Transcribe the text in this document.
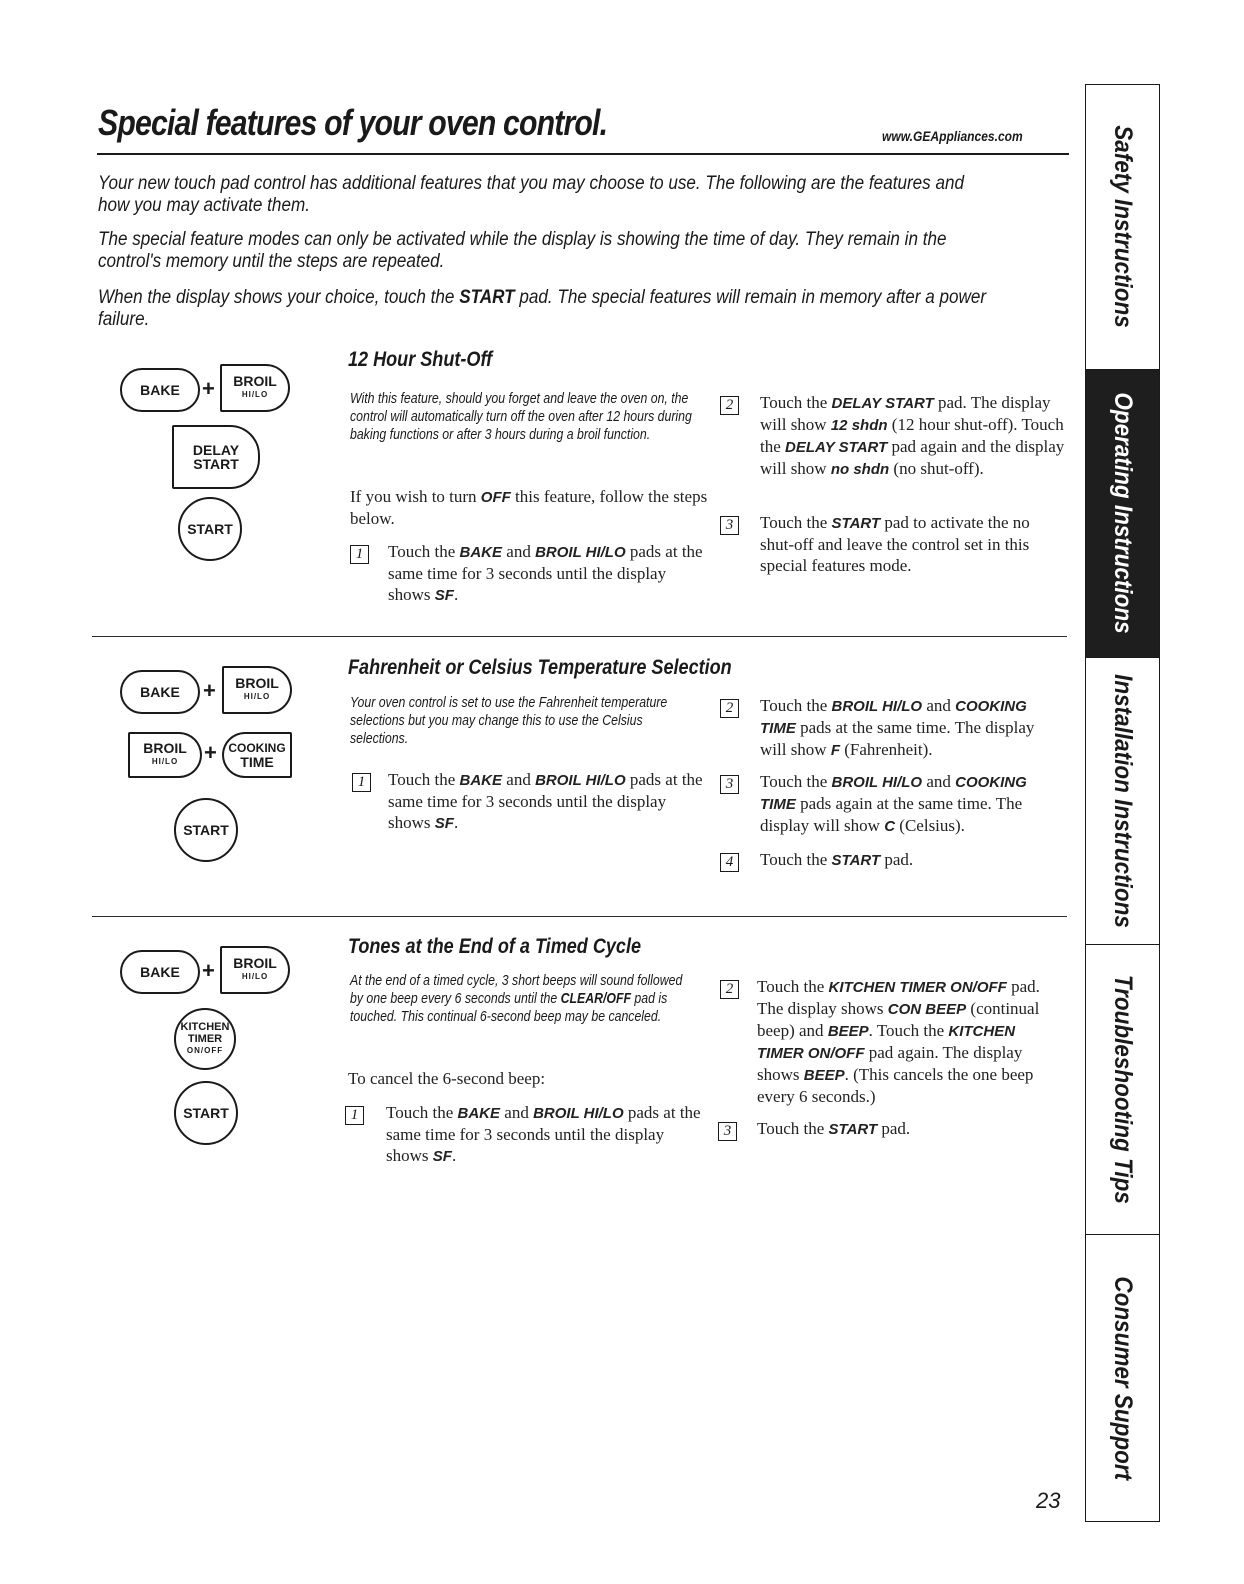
Special features of your oven control.	www.GEAppliances.com

Your new touch pad control has additional features that you may choose to use. The following are the features and how you may activate them.

The special feature modes can only be activated while the display is showing the time of day. They remain in the control's memory until the steps are repeated.

When the display shows your choice, touch the START pad. The special features will remain in memory after a power failure.

BAKE + BROIL
HI/LO
DELAY
START
START
12 Hour Shut-Off

With this feature, should you forget and leave the oven on, the control will automatically turn off the oven after 12 hours during baking functions or after 3 hours during a broil function.

If you wish to turn OFF this feature, follow the steps below.

1	Touch the BAKE and BROIL HI/LO pads at the same time for 3 seconds until the display shows SF.

2	Touch the DELAY START pad. The display will show 12 shdn (12 hour shut-off). Touch the DELAY START pad again and the display will show no shdn (no shut-off).

3	Touch the START pad to activate the no shut-off and leave the control set in this special features mode.

BAKE + BROIL
HI/LO
BROIL
HI/LO + COOKING
TIME
START
Fahrenheit or Celsius Temperature Selection

Your oven control is set to use the Fahrenheit temperature selections but you may change this to use the Celsius selections.

1	Touch the BAKE and BROIL HI/LO pads at the same time for 3 seconds until the display shows SF.

2	Touch the BROIL HI/LO and COOKING TIME pads at the same time. The display will show F (Fahrenheit).

3	Touch the BROIL HI/LO and COOKING TIME pads again at the same time. The display will show C (Celsius).

4	Touch the START pad.

BAKE + BROIL
HI/LO
KITCHEN
TIMER
ON/OFF
START
Tones at the End of a Timed Cycle

At the end of a timed cycle, 3 short beeps will sound followed by one beep every 6 seconds until the CLEAR/OFF pad is touched. This continual 6-second beep may be canceled.

To cancel the 6-second beep:

1	Touch the BAKE and BROIL HI/LO pads at the same time for 3 seconds until the display shows SF.

2	Touch the KITCHEN TIMER ON/OFF pad. The display shows CON BEEP (continual beep) and BEEP. Touch the KITCHEN TIMER ON/OFF pad again. The display shows BEEP. (This cancels the one beep every 6 seconds.)

3	Touch the START pad.

Safety Instructions
Operating Instructions
Installation Instructions
Troubleshooting Tips
Consumer Support
23
